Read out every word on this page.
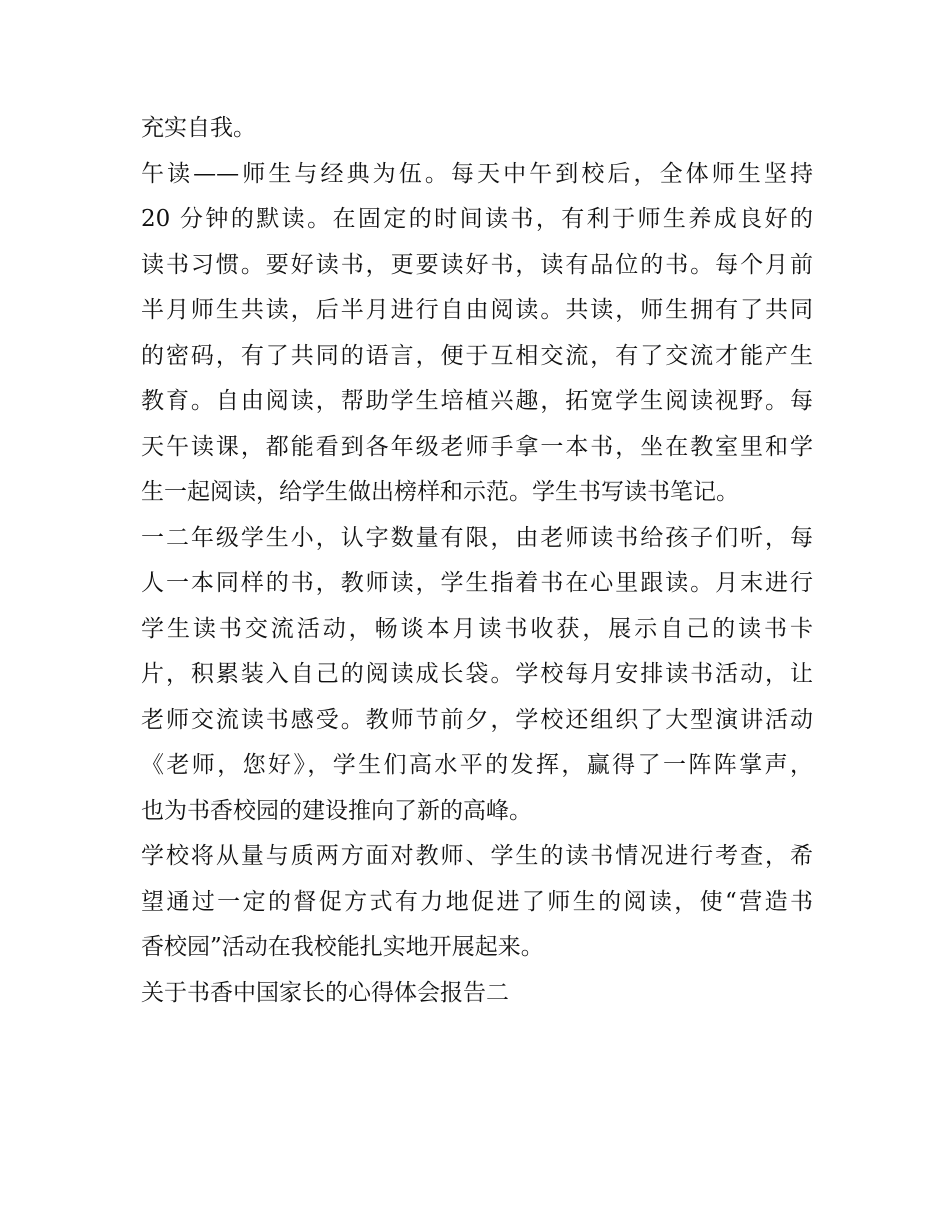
充实自我。
午读——师生与经典为伍。每天中午到校后，全体师生坚持
20 分钟的默读。在固定的时间读书，有利于师生养成良好的
读书习惯。要好读书，更要读好书，读有品位的书。每个月前
半月师生共读，后半月进行自由阅读。共读，师生拥有了共同
的密码，有了共同的语言，便于互相交流，有了交流才能产生
教育。自由阅读，帮助学生培植兴趣，拓宽学生阅读视野。每
天午读课，都能看到各年级老师手拿一本书，坐在教室里和学
生一起阅读，给学生做出榜样和示范。学生书写读书笔记。
一二年级学生小，认字数量有限，由老师读书给孩子们听，每
人一本同样的书，教师读，学生指着书在心里跟读。月末进行
学生读书交流活动，畅谈本月读书收获，展示自己的读书卡
片，积累装入自己的阅读成长袋。学校每月安排读书活动，让
老师交流读书感受。教师节前夕，学校还组织了大型演讲活动
《老师，您好》，学生们高水平的发挥，赢得了一阵阵掌声，
也为书香校园的建设推向了新的高峰。
学校将从量与质两方面对教师、学生的读书情况进行考查，希
望通过一定的督促方式有力地促进了师生的阅读，使“营造书
香校园”活动在我校能扎实地开展起来。
关于书香中国家长的心得体会报告二
